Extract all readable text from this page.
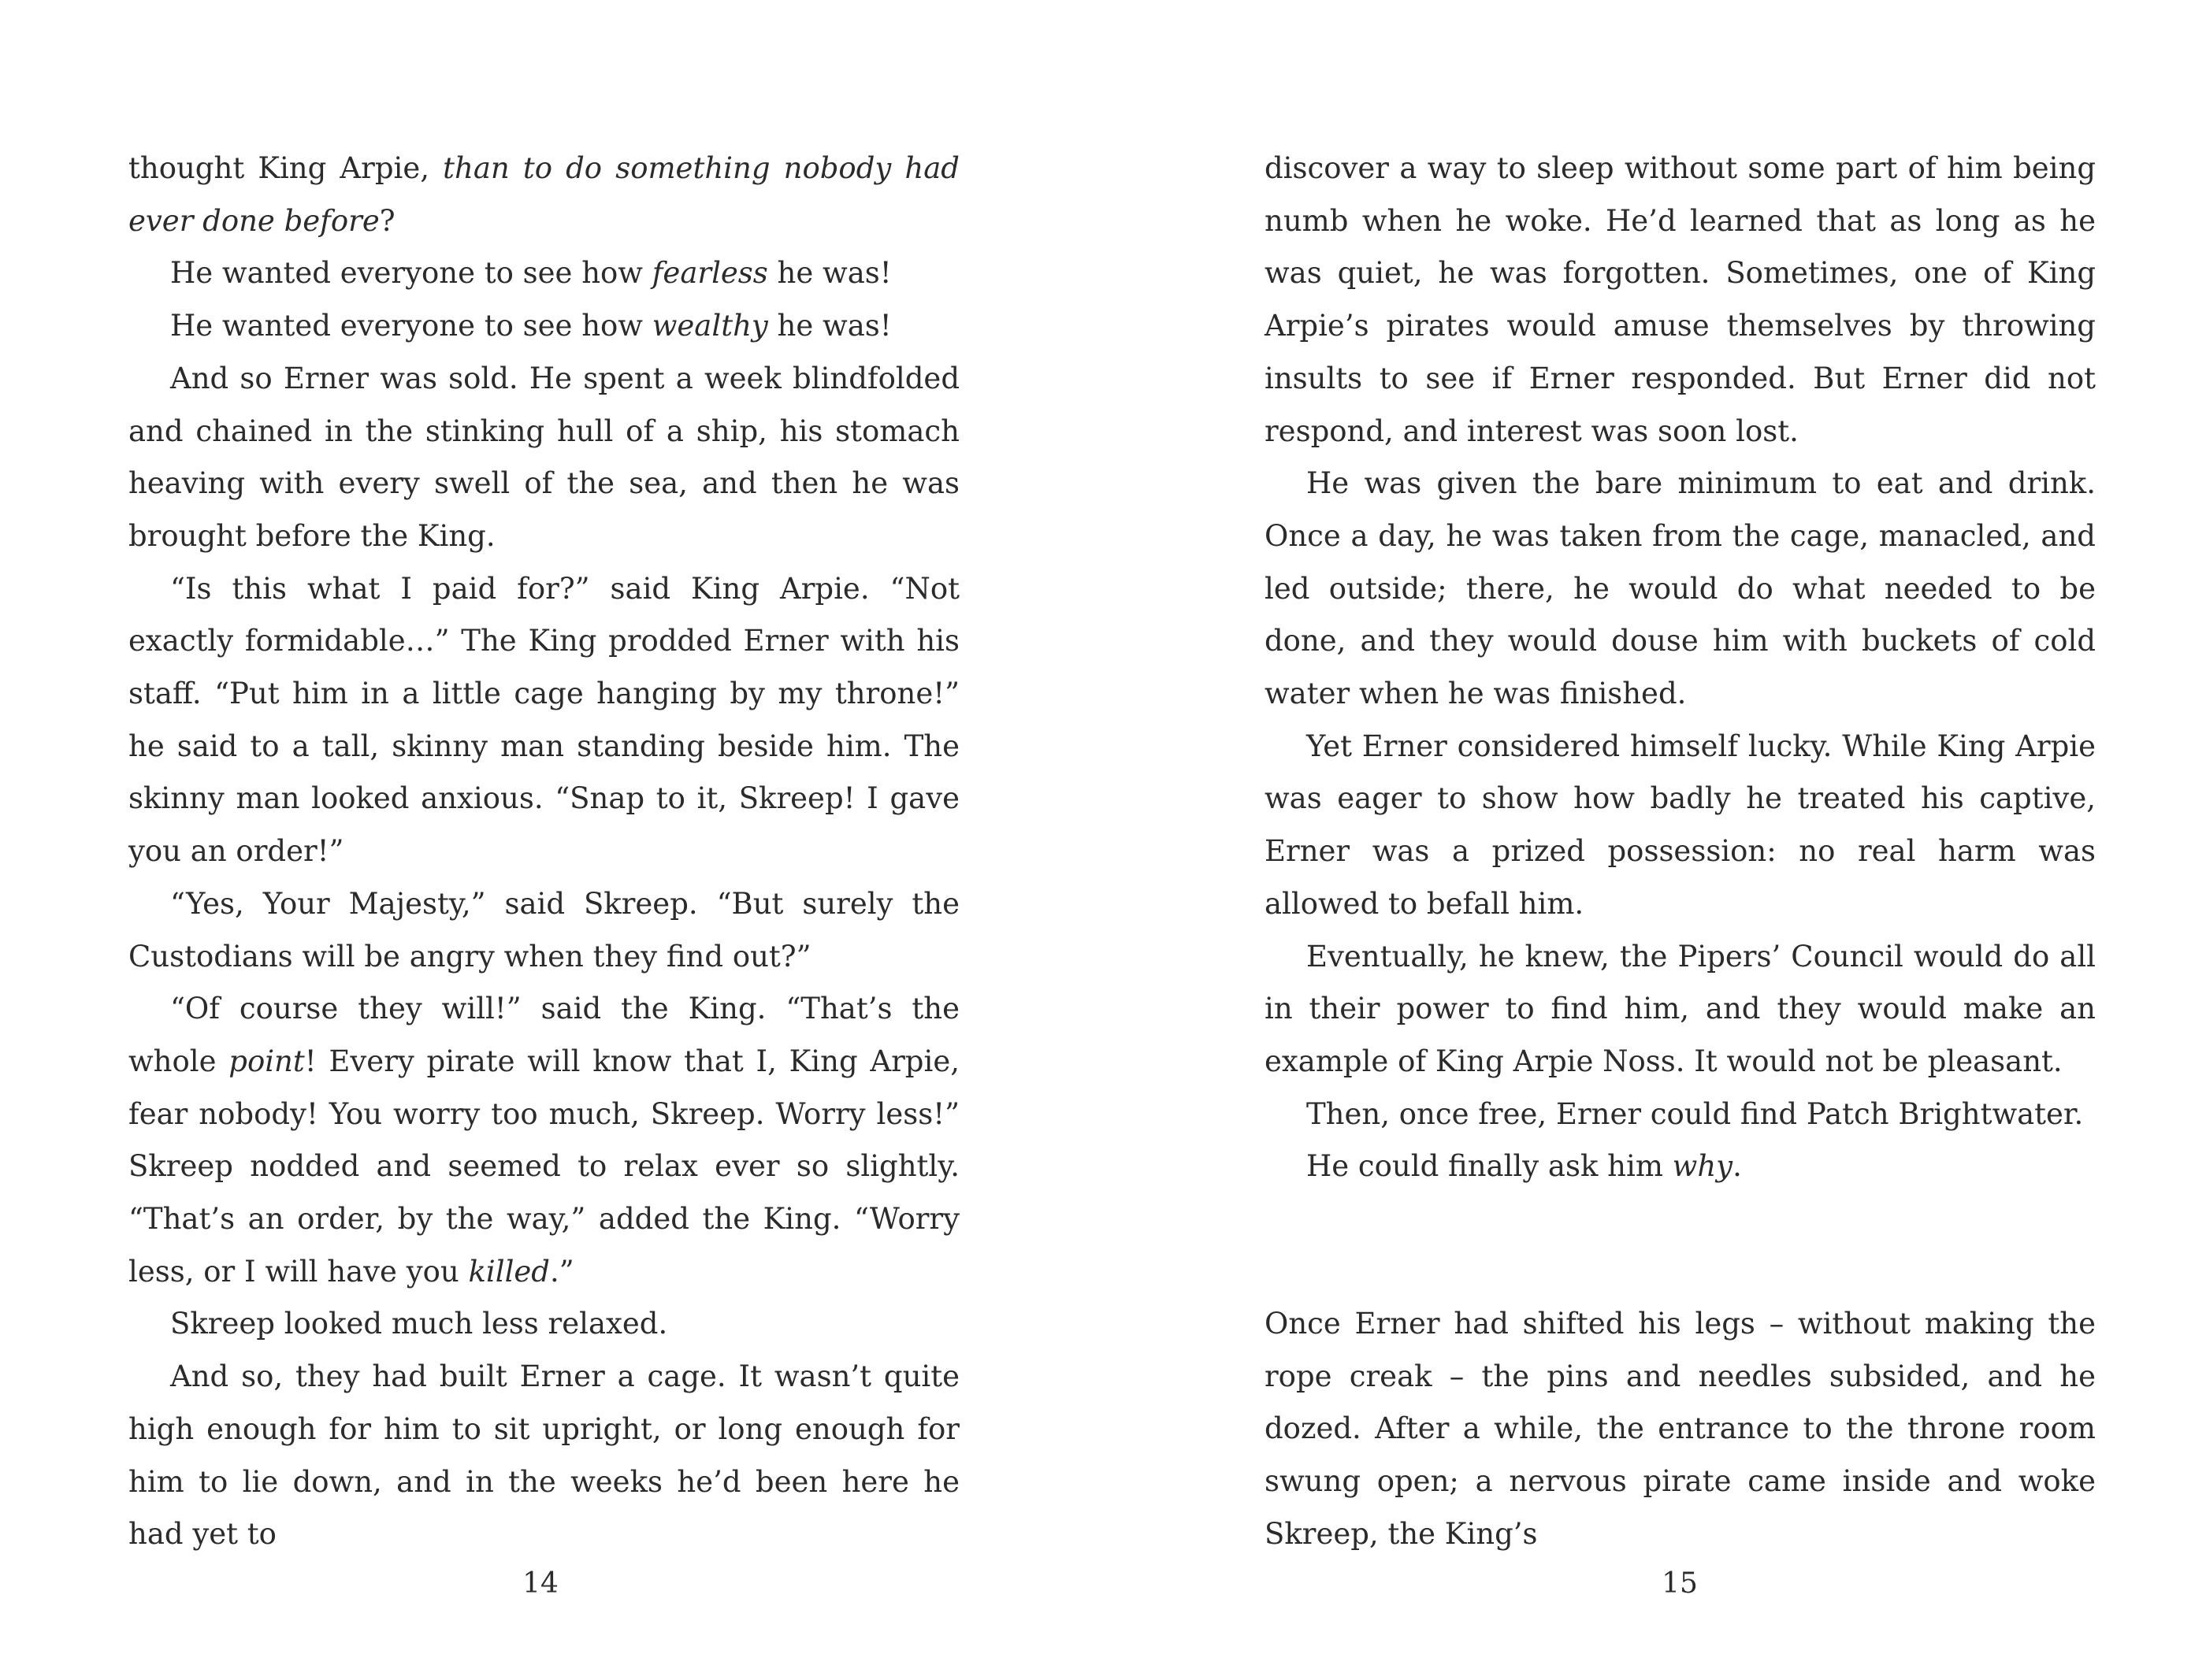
thought King Arpie, than to do something nobody had ever done before?

He wanted everyone to see how fearless he was!

He wanted everyone to see how wealthy he was!

And so Erner was sold. He spent a week blindfolded and chained in the stinking hull of a ship, his stomach heaving with every swell of the sea, and then he was brought before the King.

“Is this what I paid for?” said King Arpie. “Not exactly formidable…” The King prodded Erner with his staff. “Put him in a little cage hanging by my throne!” he said to a tall, skinny man standing beside him. The skinny man looked anxious. “Snap to it, Skreep! I gave you an order!”

“Yes, Your Majesty,” said Skreep. “But surely the Custodians will be angry when they find out?”

“Of course they will!” said the King. “That’s the whole point! Every pirate will know that I, King Arpie, fear nobody! You worry too much, Skreep. Worry less!” Skreep nodded and seemed to relax ever so slightly. “That’s an order, by the way,” added the King. “Worry less, or I will have you killed.”

Skreep looked much less relaxed.

And so, they had built Erner a cage. It wasn’t quite high enough for him to sit upright, or long enough for him to lie down, and in the weeks he’d been here he had yet to

14

discover a way to sleep without some part of him being numb when he woke. He’d learned that as long as he was quiet, he was forgotten. Sometimes, one of King Arpie’s pirates would amuse themselves by throwing insults to see if Erner responded. But Erner did not respond, and interest was soon lost.

He was given the bare minimum to eat and drink. Once a day, he was taken from the cage, manacled, and led outside; there, he would do what needed to be done, and they would douse him with buckets of cold water when he was finished.

Yet Erner considered himself lucky. While King Arpie was eager to show how badly he treated his captive, Erner was a prized possession: no real harm was allowed to befall him.

Eventually, he knew, the Pipers’ Council would do all in their power to find him, and they would make an example of King Arpie Noss. It would not be pleasant.

Then, once free, Erner could find Patch Brightwater.

He could finally ask him why.

Once Erner had shifted his legs – without making the rope creak – the pins and needles subsided, and he dozed. After a while, the entrance to the throne room swung open; a nervous pirate came inside and woke Skreep, the King’s

15
